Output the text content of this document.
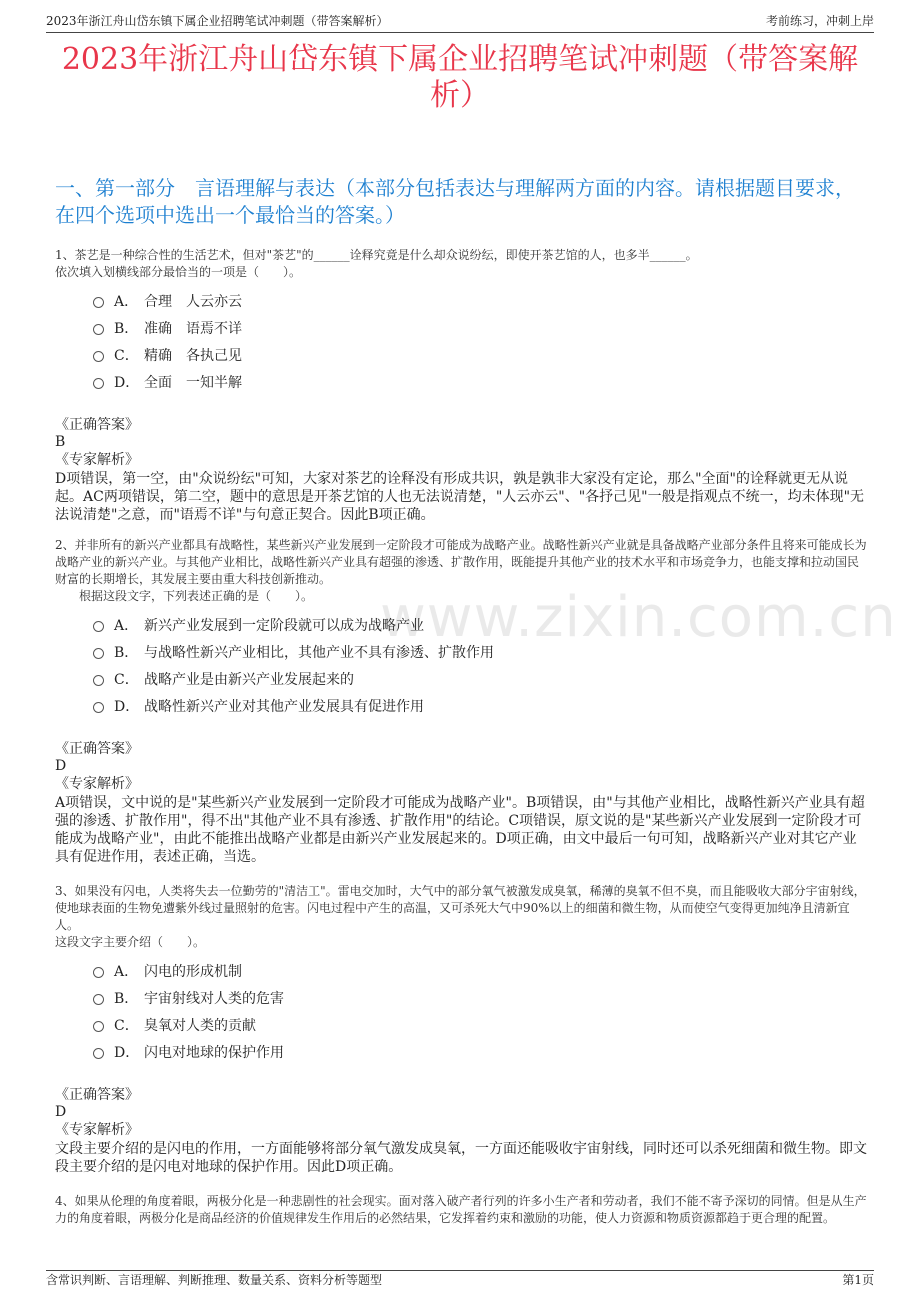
2023年浙江舟山岱东镇下属企业招聘笔试冲刺题（带答案解析）	考前练习，冲刺上岸
2023年浙江舟山岱东镇下属企业招聘笔试冲刺题（带答案解析）
一、第一部分　言语理解与表达（本部分包括表达与理解两方面的内容。请根据题目要求，在四个选项中选出一个最恰当的答案。）
www.zixin.com.cn

1、茶艺是一种综合性的生活艺术，但对"茶艺"的______诠释究竟是什么却众说纷纭，即使开茶艺馆的人，也多半______。

依次填入划横线部分最恰当的一项是（　　）。

A． 合理　人云亦云
B． 准确　语焉不详
C． 精确　各执己见
D． 全面　一知半解
《正确答案》
B
《专家解析》
D项错误，第一空，由"众说纷纭"可知，大家对茶艺的诠释没有形成共识，孰是孰非大家没有定论，那么"全面"的诠释就更无从说起。AC两项错误，第二空，题中的意思是开茶艺馆的人也无法说清楚，"人云亦云"、"各抒己见"一般是指观点不统一，均未体现"无法说清楚"之意，而"语焉不详"与句意正契合。因此B项正确。

2、并非所有的新兴产业都具有战略性，某些新兴产业发展到一定阶段才可能成为战略产业。战略性新兴产业就是具备战略产业部分条件且将来可能成长为战略产业的新兴产业。与其他产业相比，战略性新兴产业具有超强的渗透、扩散作用，既能提升其他产业的技术水平和市场竞争力，也能支撑和拉动国民财富的长期增长，其发展主要由重大科技创新推动。

　　根据这段文字，下列表述正确的是（　　）。

A． 新兴产业发展到一定阶段就可以成为战略产业
B． 与战略性新兴产业相比，其他产业不具有渗透、扩散作用
C． 战略产业是由新兴产业发展起来的
D． 战略性新兴产业对其他产业发展具有促进作用
《正确答案》
D
《专家解析》
A项错误，文中说的是"某些新兴产业发展到一定阶段才可能成为战略产业"。B项错误，由"与其他产业相比，战略性新兴产业具有超强的渗透、扩散作用"，得不出"其他产业不具有渗透、扩散作用"的结论。C项错误，原文说的是"某些新兴产业发展到一定阶段才可能成为战略产业"，由此不能推出战略产业都是由新兴产业发展起来的。D项正确，由文中最后一句可知，战略新兴产业对其它产业具有促进作用，表述正确，当选。

3、如果没有闪电，人类将失去一位勤劳的"清洁工"。雷电交加时，大气中的部分氧气被激发成臭氧，稀薄的臭氧不但不臭，而且能吸收大部分宇宙射线，使地球表面的生物免遭紫外线过量照射的危害。闪电过程中产生的高温，又可杀死大气中90%以上的细菌和微生物，从而使空气变得更加纯净且清新宜人。

这段文字主要介绍（　　）。

A． 闪电的形成机制
B． 宇宙射线对人类的危害
C． 臭氧对人类的贡献
D． 闪电对地球的保护作用
《正确答案》
D
《专家解析》
文段主要介绍的是闪电的作用，一方面能够将部分氧气激发成臭氧，一方面还能吸收宇宙射线，同时还可以杀死细菌和微生物。即文段主要介绍的是闪电对地球的保护作用。因此D项正确。

4、如果从伦理的角度着眼，两极分化是一种悲剧性的社会现实。面对落入破产者行列的许多小生产者和劳动者，我们不能不寄予深切的同情。但是从生产力的角度着眼，两极分化是商品经济的价值规律发生作用后的必然结果，它发挥着约束和激励的功能，使人力资源和物质资源都趋于更合理的配置。

含常识判断、言语理解、判断推理、数量关系、资料分析等题型	第1页
